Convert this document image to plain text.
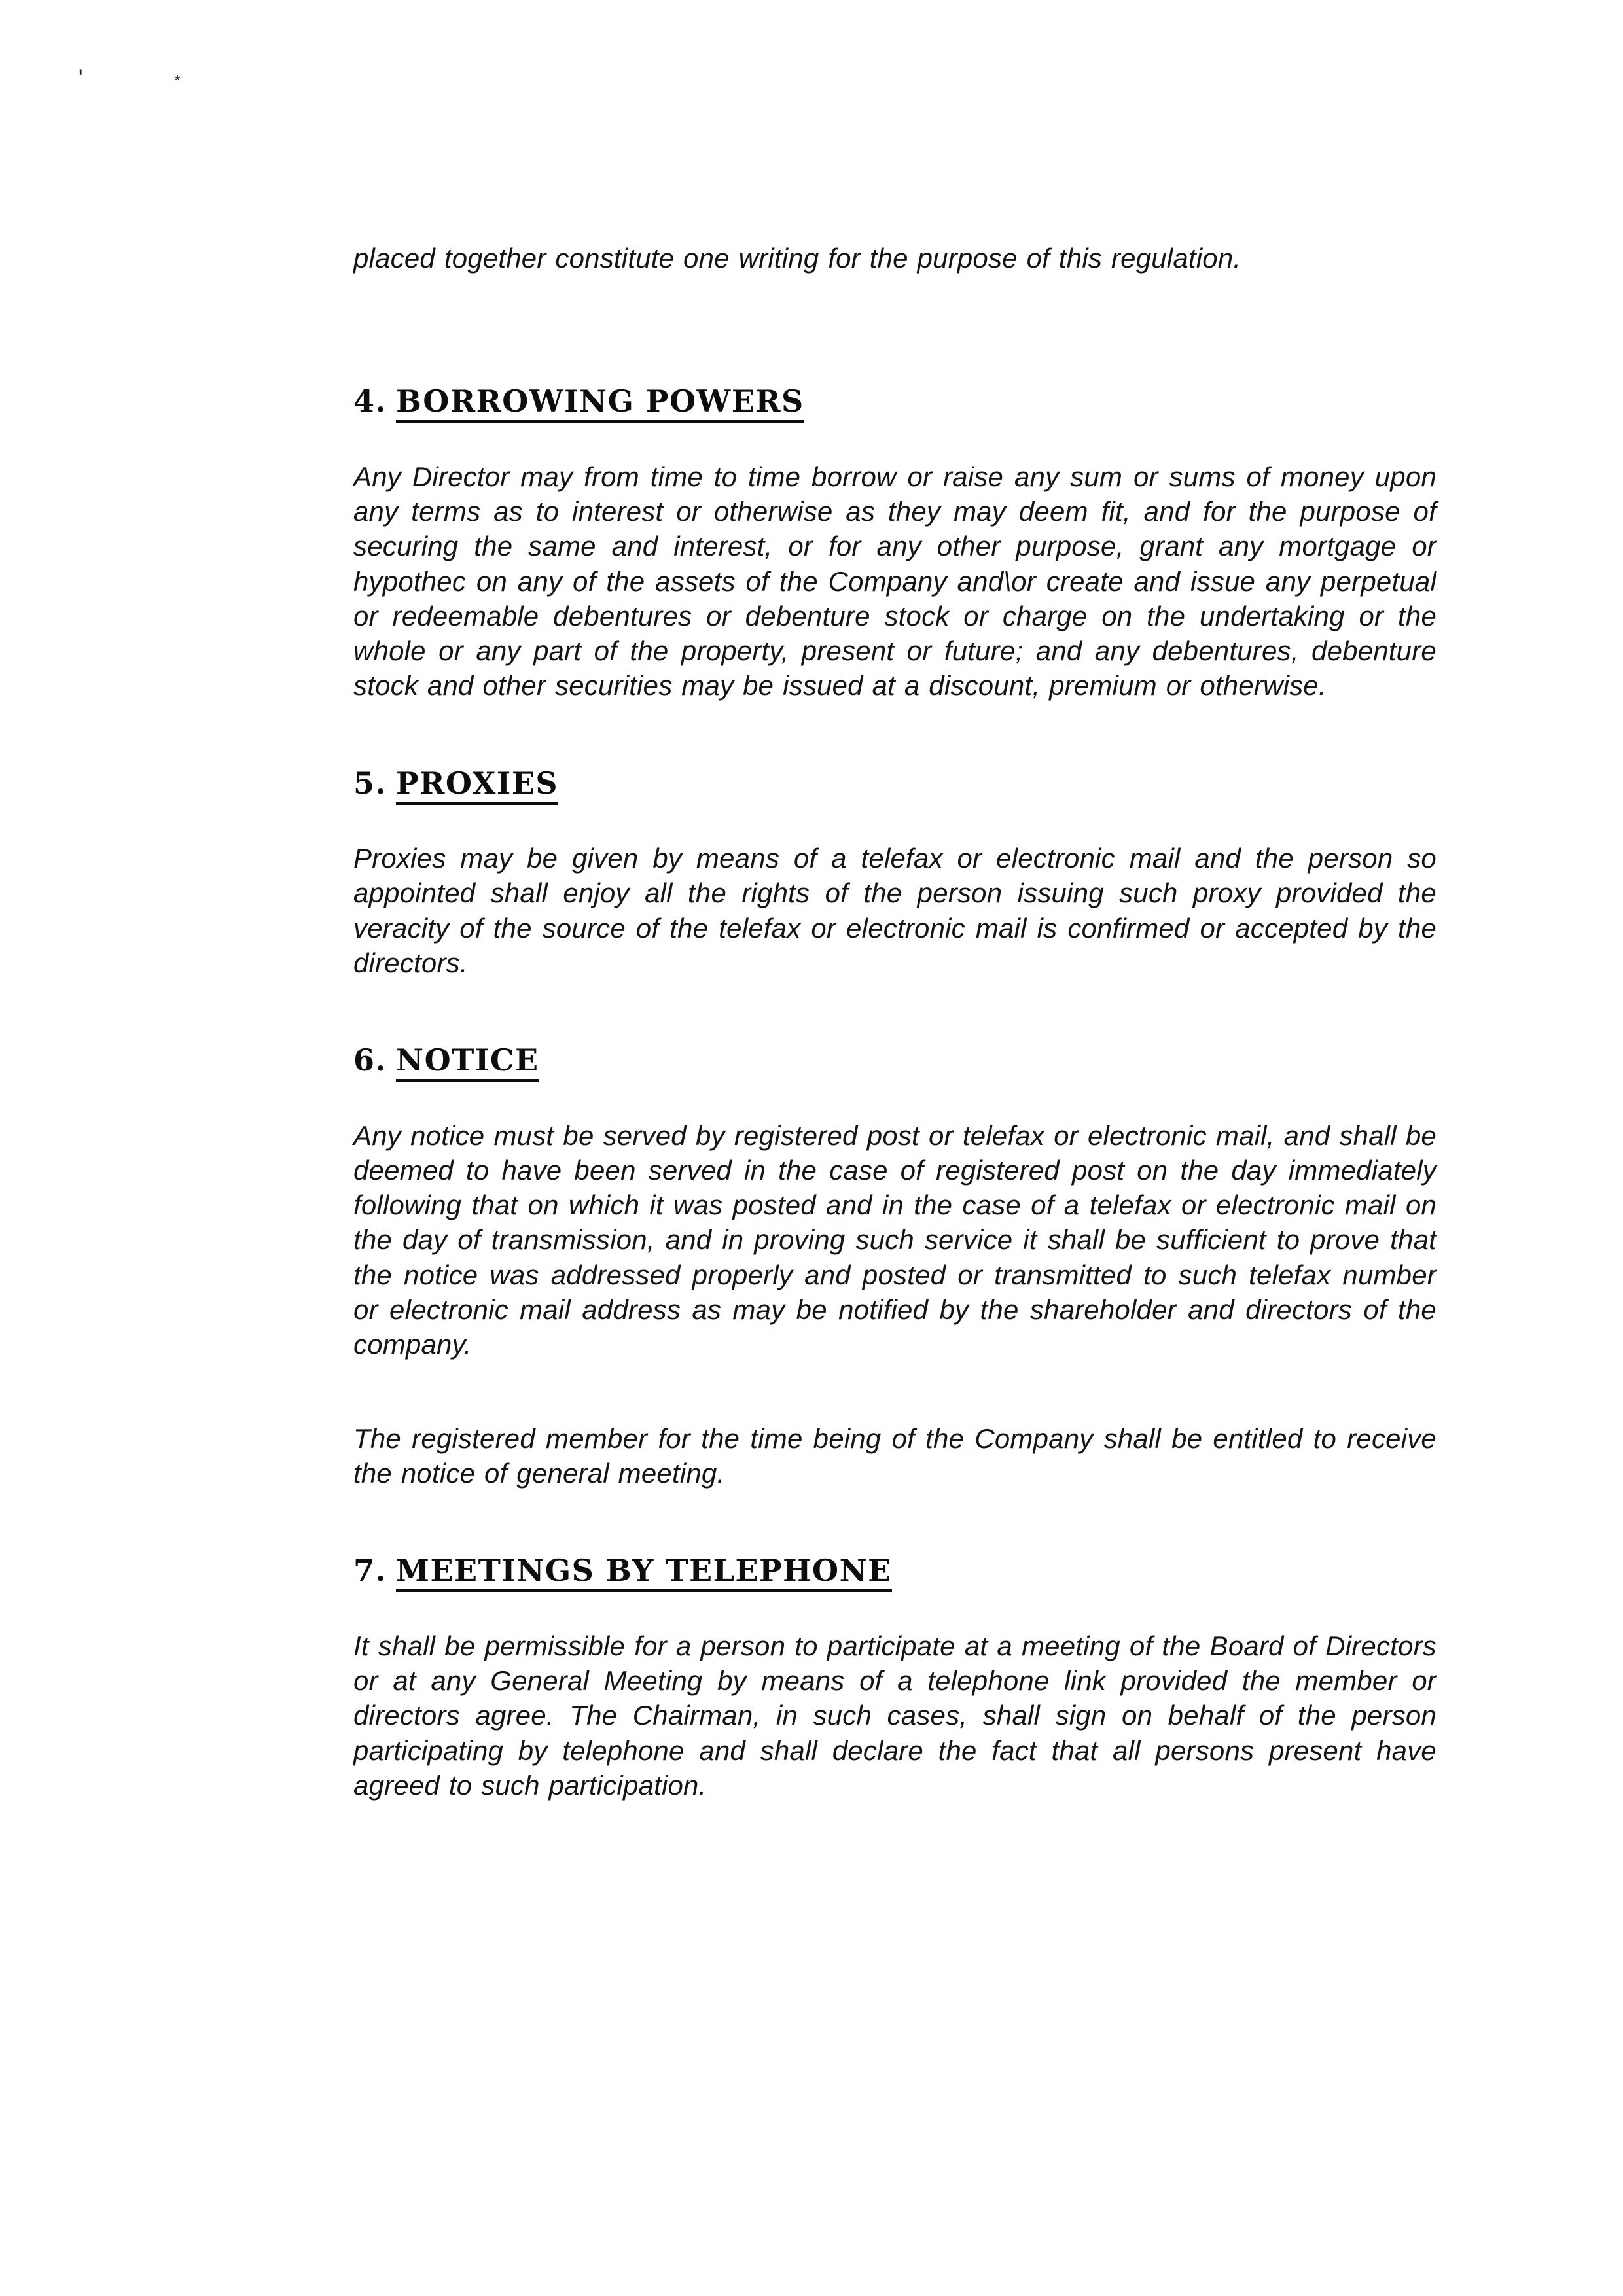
'	*

placed together constitute one writing for the purpose of this regulation.

4. BORROWING POWERS

Any Director may from time to time borrow or raise any sum or sums of money upon any terms as to interest or otherwise as they may deem fit, and for the purpose of securing the same and interest, or for any other purpose, grant any mortgage or hypothec on any of the assets of the Company and\or create and issue any perpetual or redeemable debentures or debenture stock or charge on the undertaking or the whole or any part of the property, present or future; and any debentures, debenture stock and other securities may be issued at a discount, premium or otherwise.

5. PROXIES

Proxies may be given by means of a telefax or electronic mail and the person so appointed shall enjoy all the rights of the person issuing such proxy provided the veracity of the source of the telefax or electronic mail is confirmed or accepted by the directors.

6. NOTICE

Any notice must be served by registered post or telefax or electronic mail, and shall be deemed to have been served in the case of registered post on the day immediately following that on which it was posted and in the case of a telefax or electronic mail on the day of transmission, and in proving such service it shall be sufficient to prove that the notice was addressed properly and posted or transmitted to such telefax number or electronic mail address as may be notified by the shareholder and directors of the company.

The registered member for the time being of the Company shall be entitled to receive the notice of general meeting.

7. MEETINGS BY TELEPHONE

It shall be permissible for a person to participate at a meeting of the Board of Directors or at any General Meeting by means of a telephone link provided the member or directors agree. The Chairman, in such cases, shall sign on behalf of the person participating by telephone and shall declare the fact that all persons present have agreed to such participation.
